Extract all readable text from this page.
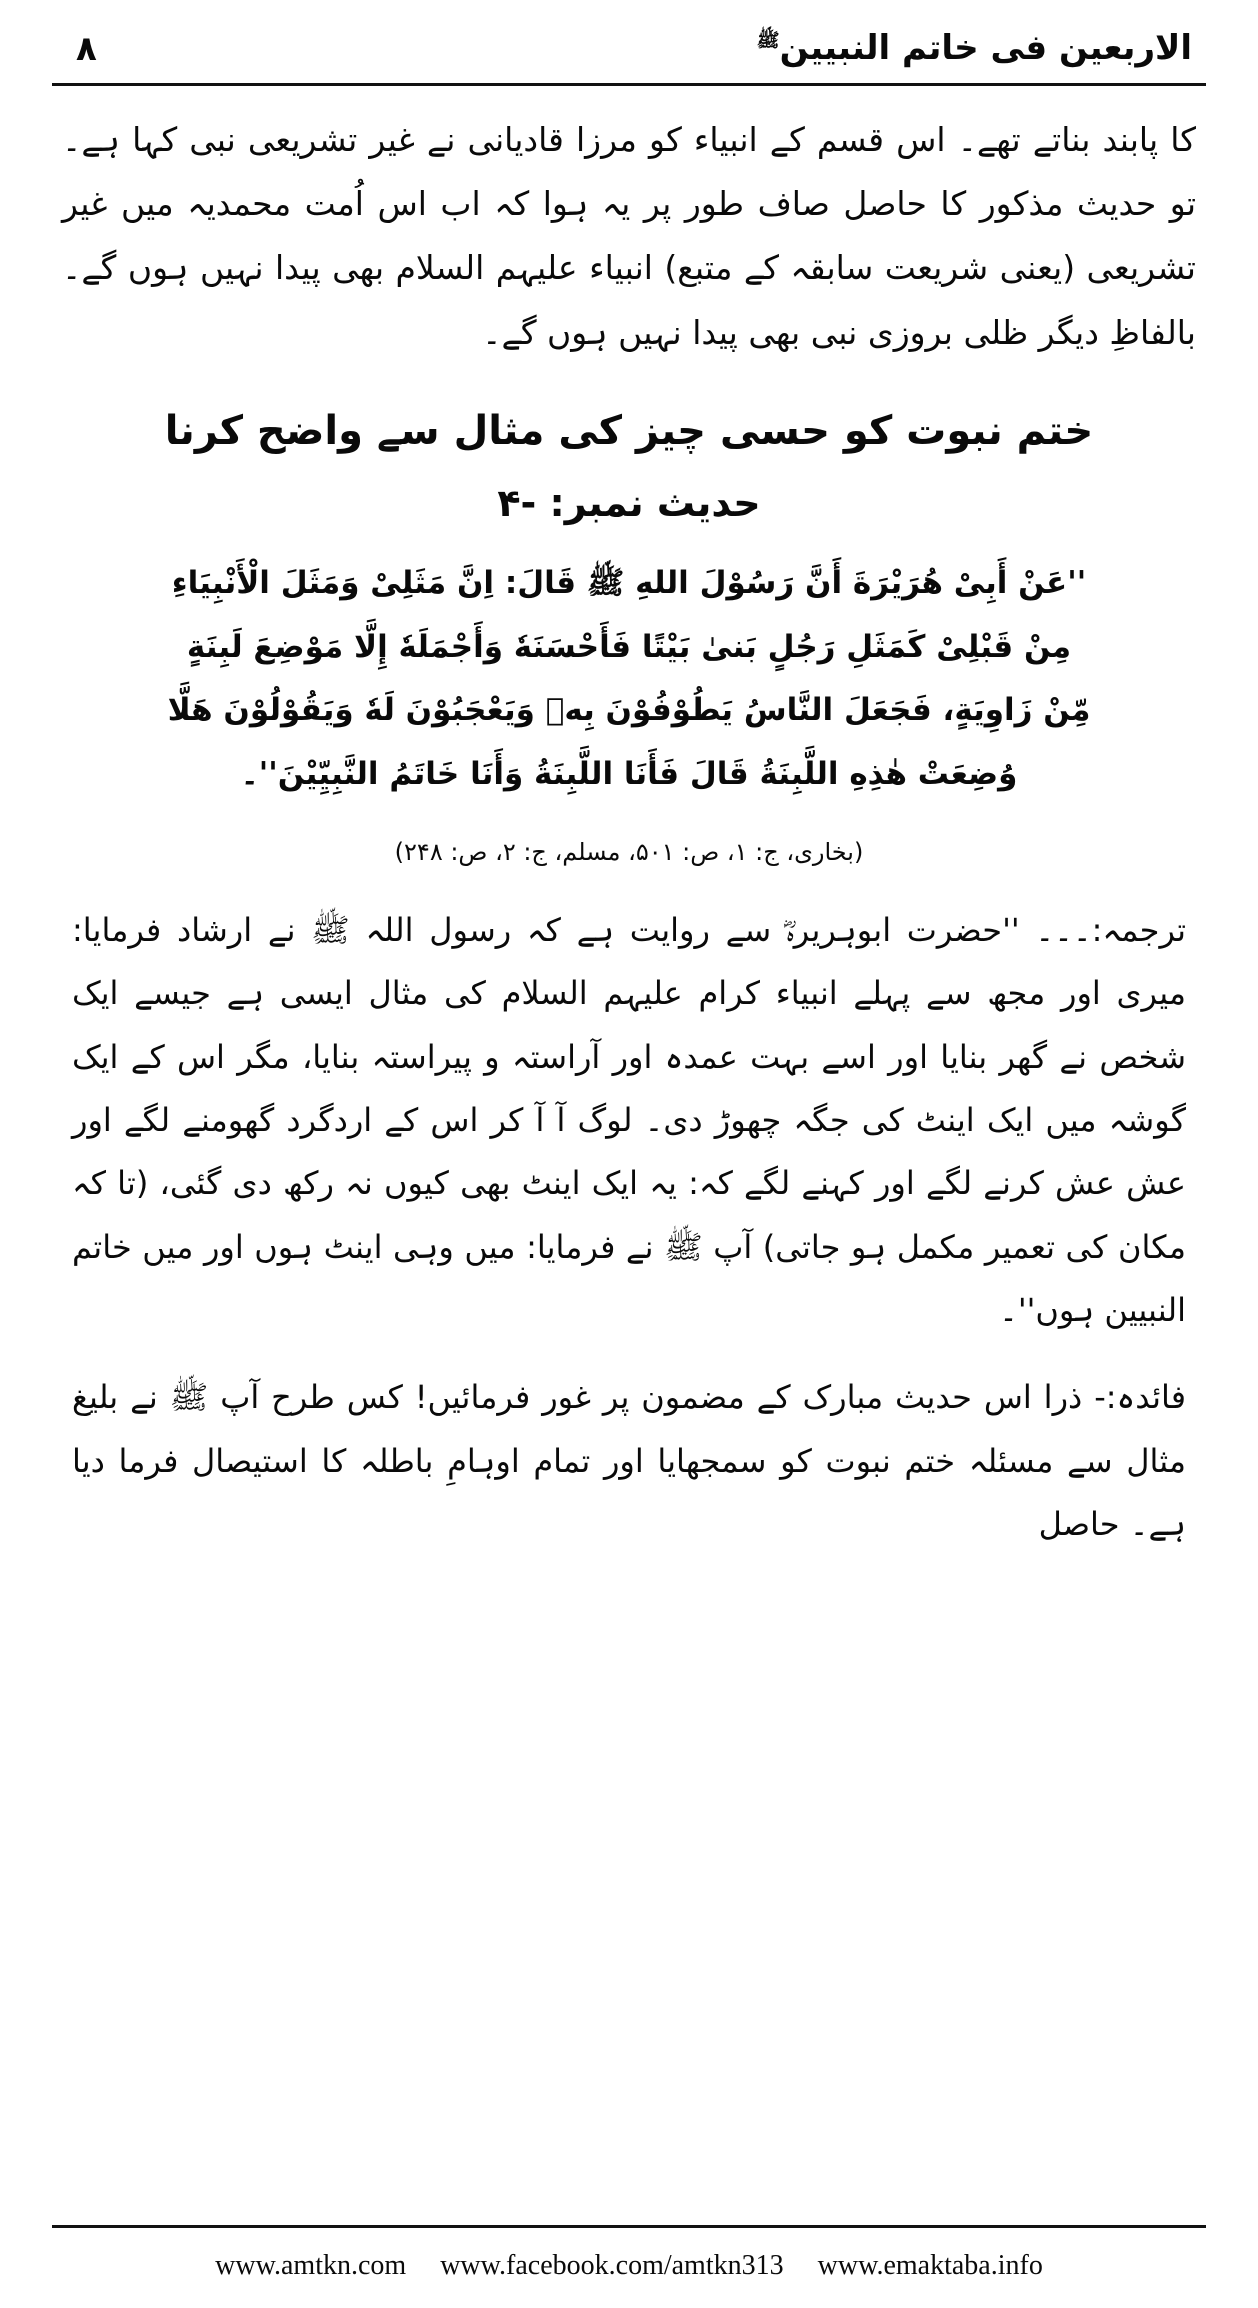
الاربعین فی خاتم النبیین$^ﷺ$
۸

کا پابند بناتے تھے۔ اس قسم کے انبیاء کو مرزا قادیانی نے غیر تشریعی نبی کہا ہے۔ تو حدیث مذکور کا حاصل صاف طور پر یہ ہوا کہ اب اس اُمت محمدیہ میں غیر تشریعی (یعنی شریعت سابقہ کے متبع) انبیاء علیہم السلام بھی پیدا نہیں ہوں گے۔ بالفاظِ دیگر ظلی بروزی نبی بھی پیدا نہیں ہوں گے۔

ختم نبوت کو حسی چیز کی مثال سے واضح کرنا
حدیث نمبر: -۴
''عَنْ أَبِىْ هُرَيْرَةَ أَنَّ رَسُوْلَ اللهِ ﷺ قَالَ: اِنَّ مَثَلِىْ وَمَثَلَ الْأَنْبِيَاءِ
مِنْ قَبْلِىْ كَمَثَلِ رَجُلٍ بَنىٰ بَيْتًا فَأَحْسَنَهٗ وَأَجْمَلَهٗ إِلَّا مَوْضِعَ لَبِنَةٍ
مِّنْ زَاوِيَةٍ، فَجَعَلَ النَّاسُ يَطُوْفُوْنَ بِهٖ وَيَعْجَبُوْنَ لَهٗ وَيَقُوْلُوْنَ هَلَّا
وُضِعَتْ هٰذِهِ اللَّبِنَةُ قَالَ فَأَنَا اللَّبِنَةُ وَأَنَا خَاتَمُ النَّبِيِّيْنَ''۔
(بخاری، ج: ۱، ص: ۵۰۱، مسلم، ج: ۲، ص: ۲۴۸)

ترجمہ:۔۔۔ ''حضرت ابوہریرہؓ سے روایت ہے کہ رسول اللہ ﷺ نے ارشاد فرمایا: میری اور مجھ سے پہلے انبیاء کرام علیہم السلام کی مثال ایسی ہے جیسے ایک شخص نے گھر بنایا اور اسے بہت عمدہ اور آراستہ و پیراستہ بنایا، مگر اس کے ایک گوشہ میں ایک اینٹ کی جگہ چھوڑ دی۔ لوگ آ آ کر اس کے اردگرد گھومنے لگے اور عش عش کرنے لگے اور کہنے لگے کہ: یہ ایک اینٹ بھی کیوں نہ رکھ دی گئی، (تا کہ مکان کی تعمیر مکمل ہو جاتی) آپ ﷺ نے فرمایا: میں وہی اینٹ ہوں اور میں خاتم النبیین ہوں''۔

فائدہ:- ذرا اس حدیث مبارک کے مضمون پر غور فرمائیں! کس طرح آپ ﷺ نے بلیغ مثال سے مسئلہ ختم نبوت کو سمجھایا اور تمام اوہامِ باطلہ کا استیصال فرما دیا ہے۔ حاصل

www.amtkn.com www.facebook.com/amtkn313 www.emaktaba.info
